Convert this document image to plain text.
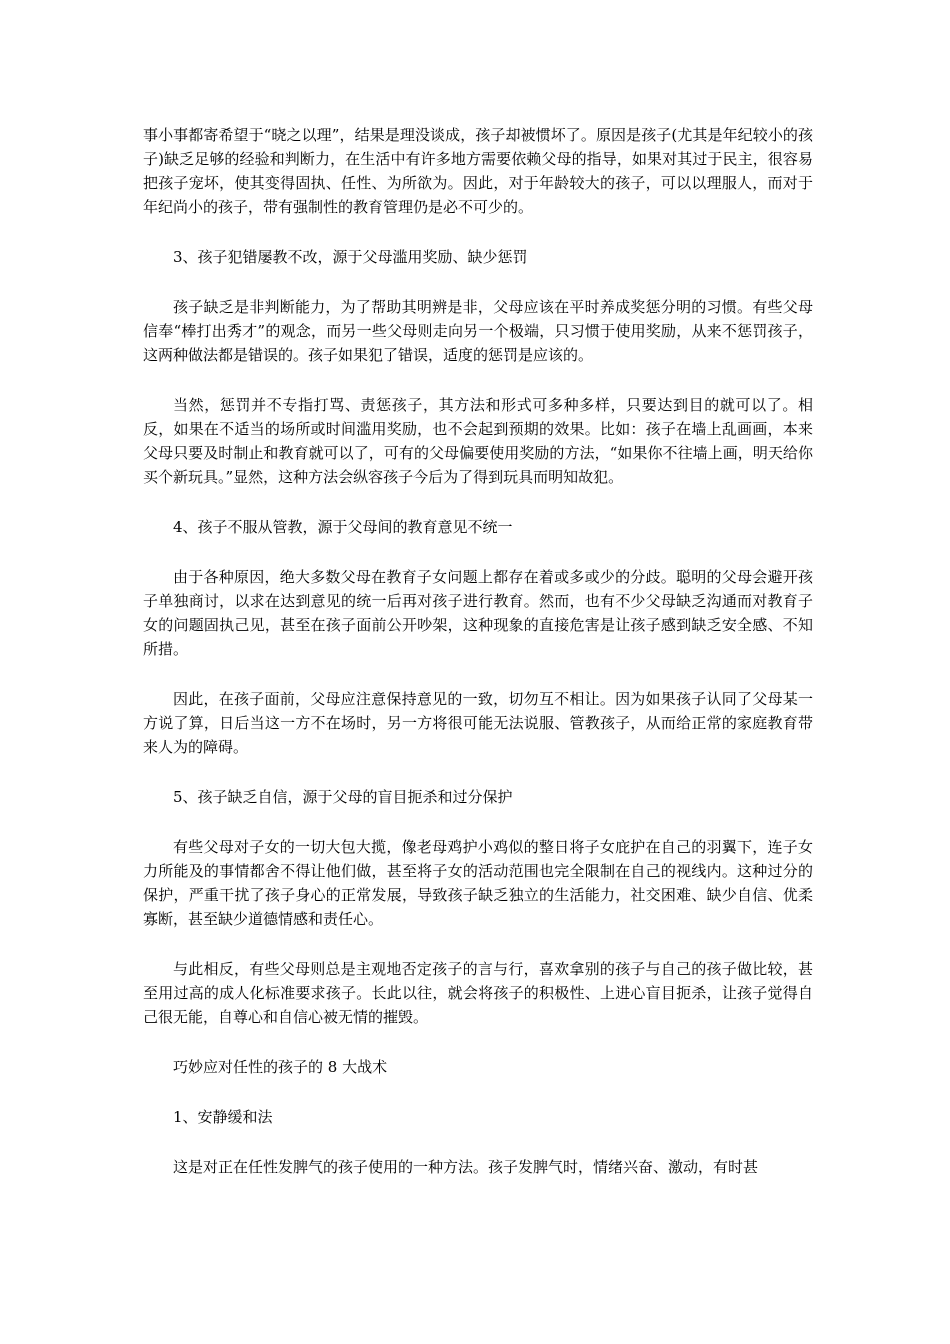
事小事都寄希望于“晓之以理”，结果是理没谈成，孩子却被惯坏了。原因是孩子(尤其是年纪较小的孩子)缺乏足够的经验和判断力，在生活中有许多地方需要依赖父母的指导，如果对其过于民主，很容易把孩子宠坏，使其变得固执、任性、为所欲为。因此，对于年龄较大的孩子，可以以理服人，而对于年纪尚小的孩子，带有强制性的教育管理仍是必不可少的。

3、孩子犯错屡教不改，源于父母滥用奖励、缺少惩罚

孩子缺乏是非判断能力，为了帮助其明辨是非，父母应该在平时养成奖惩分明的习惯。有些父母信奉“棒打出秀才”的观念，而另一些父母则走向另一个极端，只习惯于使用奖励，从来不惩罚孩子，这两种做法都是错误的。孩子如果犯了错误，适度的惩罚是应该的。

当然，惩罚并不专指打骂、责惩孩子，其方法和形式可多种多样，只要达到目的就可以了。相反，如果在不适当的场所或时间滥用奖励，也不会起到预期的效果。比如：孩子在墙上乱画画，本来父母只要及时制止和教育就可以了，可有的父母偏要使用奖励的方法，“如果你不往墙上画，明天给你买个新玩具。”显然，这种方法会纵容孩子今后为了得到玩具而明知故犯。

4、孩子不服从管教，源于父母间的教育意见不统一

由于各种原因，绝大多数父母在教育子女问题上都存在着或多或少的分歧。聪明的父母会避开孩子单独商讨，以求在达到意见的统一后再对孩子进行教育。然而，也有不少父母缺乏沟通而对教育子女的问题固执己见，甚至在孩子面前公开吵架，这种现象的直接危害是让孩子感到缺乏安全感、不知所措。

因此，在孩子面前，父母应注意保持意见的一致，切勿互不相让。因为如果孩子认同了父母某一方说了算，日后当这一方不在场时，另一方将很可能无法说服、管教孩子，从而给正常的家庭教育带来人为的障碍。

5、孩子缺乏自信，源于父母的盲目扼杀和过分保护

有些父母对子女的一切大包大揽，像老母鸡护小鸡似的整日将子女庇护在自己的羽翼下，连子女力所能及的事情都舍不得让他们做，甚至将子女的活动范围也完全限制在自己的视线内。这种过分的保护，严重干扰了孩子身心的正常发展，导致孩子缺乏独立的生活能力，社交困难、缺少自信、优柔寡断，甚至缺少道德情感和责任心。

与此相反，有些父母则总是主观地否定孩子的言与行，喜欢拿别的孩子与自己的孩子做比较，甚至用过高的成人化标准要求孩子。长此以往，就会将孩子的积极性、上进心盲目扼杀，让孩子觉得自己很无能，自尊心和自信心被无情的摧毁。

巧妙应对任性的孩子的 8 大战术

1、安静缓和法

这是对正在任性发脾气的孩子使用的一种方法。孩子发脾气时，情绪兴奋、激动，有时甚
